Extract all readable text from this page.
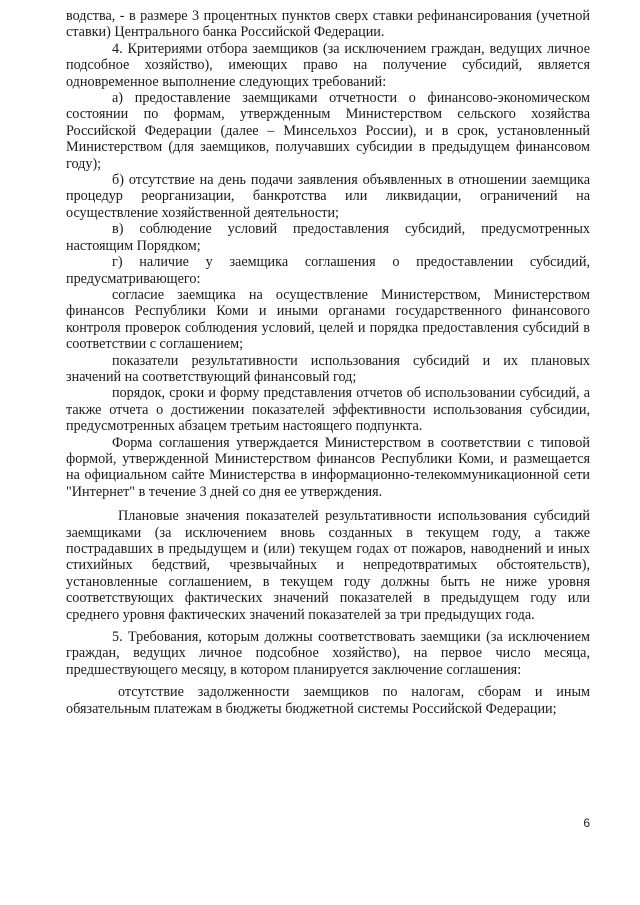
водства, - в размере 3 процентных пунктов сверх ставки рефинансирования (учетной ставки) Центрального банка Российской Федерации.

4. Критериями отбора заемщиков (за исключением граждан, ведущих личное подсобное хозяйство), имеющих право на получение субсидий, является одновременное выполнение следующих требований:

а) предоставление заемщиками отчетности о финансово-экономическом состоянии по формам, утвержденным Министерством сельского хозяйства Российской Федерации (далее – Минсельхоз России), и в срок, установленный Министерством (для заемщиков, получавших субсидии в предыдущем финансовом году);

б) отсутствие на день подачи заявления объявленных в отношении заемщика процедур реорганизации, банкротства или ликвидации, ограничений на осуществление хозяйственной деятельности;

в) соблюдение условий предоставления субсидий, предусмотренных настоящим Порядком;

г) наличие у заемщика соглашения о предоставлении субсидий, предусматривающего:

согласие заемщика на осуществление Министерством, Министерством финансов Республики Коми и иными органами государственного финансового контроля проверок соблюдения условий, целей и порядка предоставления субсидий в соответствии с соглашением;

показатели результативности использования субсидий и их плановых значений на соответствующий финансовый год;

порядок, сроки и форму представления отчетов об использовании субсидий, а также отчета о достижении показателей эффективности использования субсидии, предусмотренных абзацем третьим настоящего подпункта.

Форма соглашения утверждается Министерством в соответствии с типовой формой, утвержденной Министерством финансов Республики Коми, и размещается на официальном сайте Министерства в информационно-телекоммуникационной сети "Интернет" в течение 3 дней со дня ее утверждения.

Плановые значения показателей результативности использования субсидий заемщиками (за исключением вновь созданных в текущем году, а также пострадавших в предыдущем и (или) текущем годах от пожаров, наводнений и иных стихийных бедствий, чрезвычайных и непредотвратимых обстоятельств), установленные соглашением, в текущем году должны быть не ниже уровня соответствующих фактических значений показателей в предыдущем году или среднего уровня фактических значений показателей за три предыдущих года.

5. Требования, которым должны соответствовать заемщики (за исключением граждан, ведущих личное подсобное хозяйство), на первое число месяца, предшествующего месяцу, в котором планируется заключение соглашения:

отсутствие задолженности заемщиков по налогам, сборам и иным обязательным платежам в бюджеты бюджетной системы Российской Федерации;

6
